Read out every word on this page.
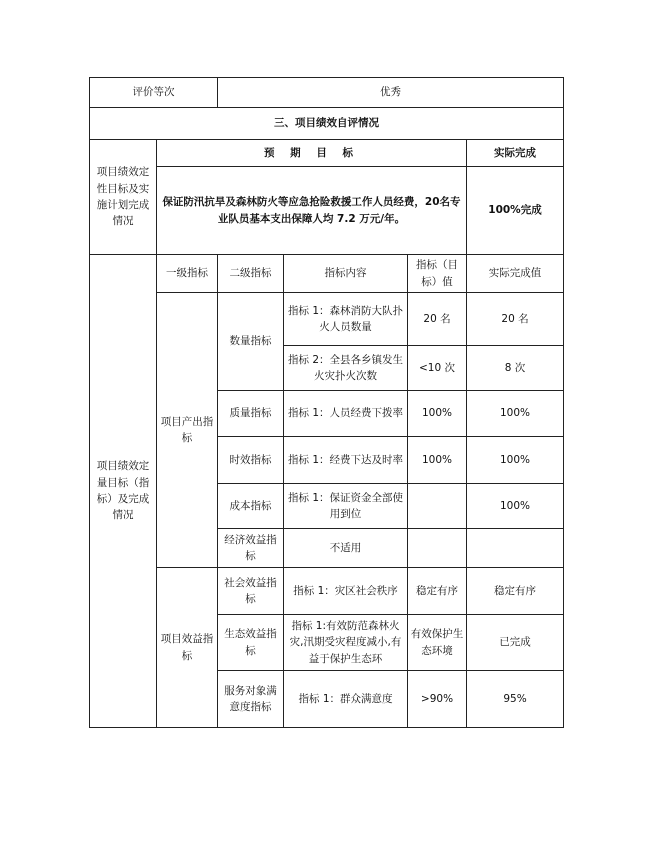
评价等次		优秀			
三、项目绩效自评情况					
项目绩效定性目标及实施计划完成情况	预 期 目 标				实际完成
	保证防汛抗旱及森林防火等应急抢险救援工作人员经费，20名专业队员基本支出保障人均 7.2 万元/年。				100%完成
项目绩效定量目标（指标）及完成情况	一级指标	二级指标	指标内容	指标（目标）值	实际完成值
	项目产出指标	数量指标	指标 1：森林消防大队扑火人员数量	20 名	20 名
			指标 2：全县各乡镇发生火灾扑火次数	<10 次	8 次
		质量指标	指标 1：人员经费下拨率	100%	100%
		时效指标	指标 1：经费下达及时率	100%	100%
		成本指标	指标 1：保证资金全部使用到位		100%
		经济效益指标	不适用		
	项目效益指标	社会效益指标	指标 1：灾区社会秩序	稳定有序	稳定有序
		生态效益指标	指标 1:有效防范森林火灾,汛期受灾程度减小,有益于保护生态环	有效保护生态环境	已完成
		服务对象满意度指标	指标 1：群众满意度	>90%	95%
